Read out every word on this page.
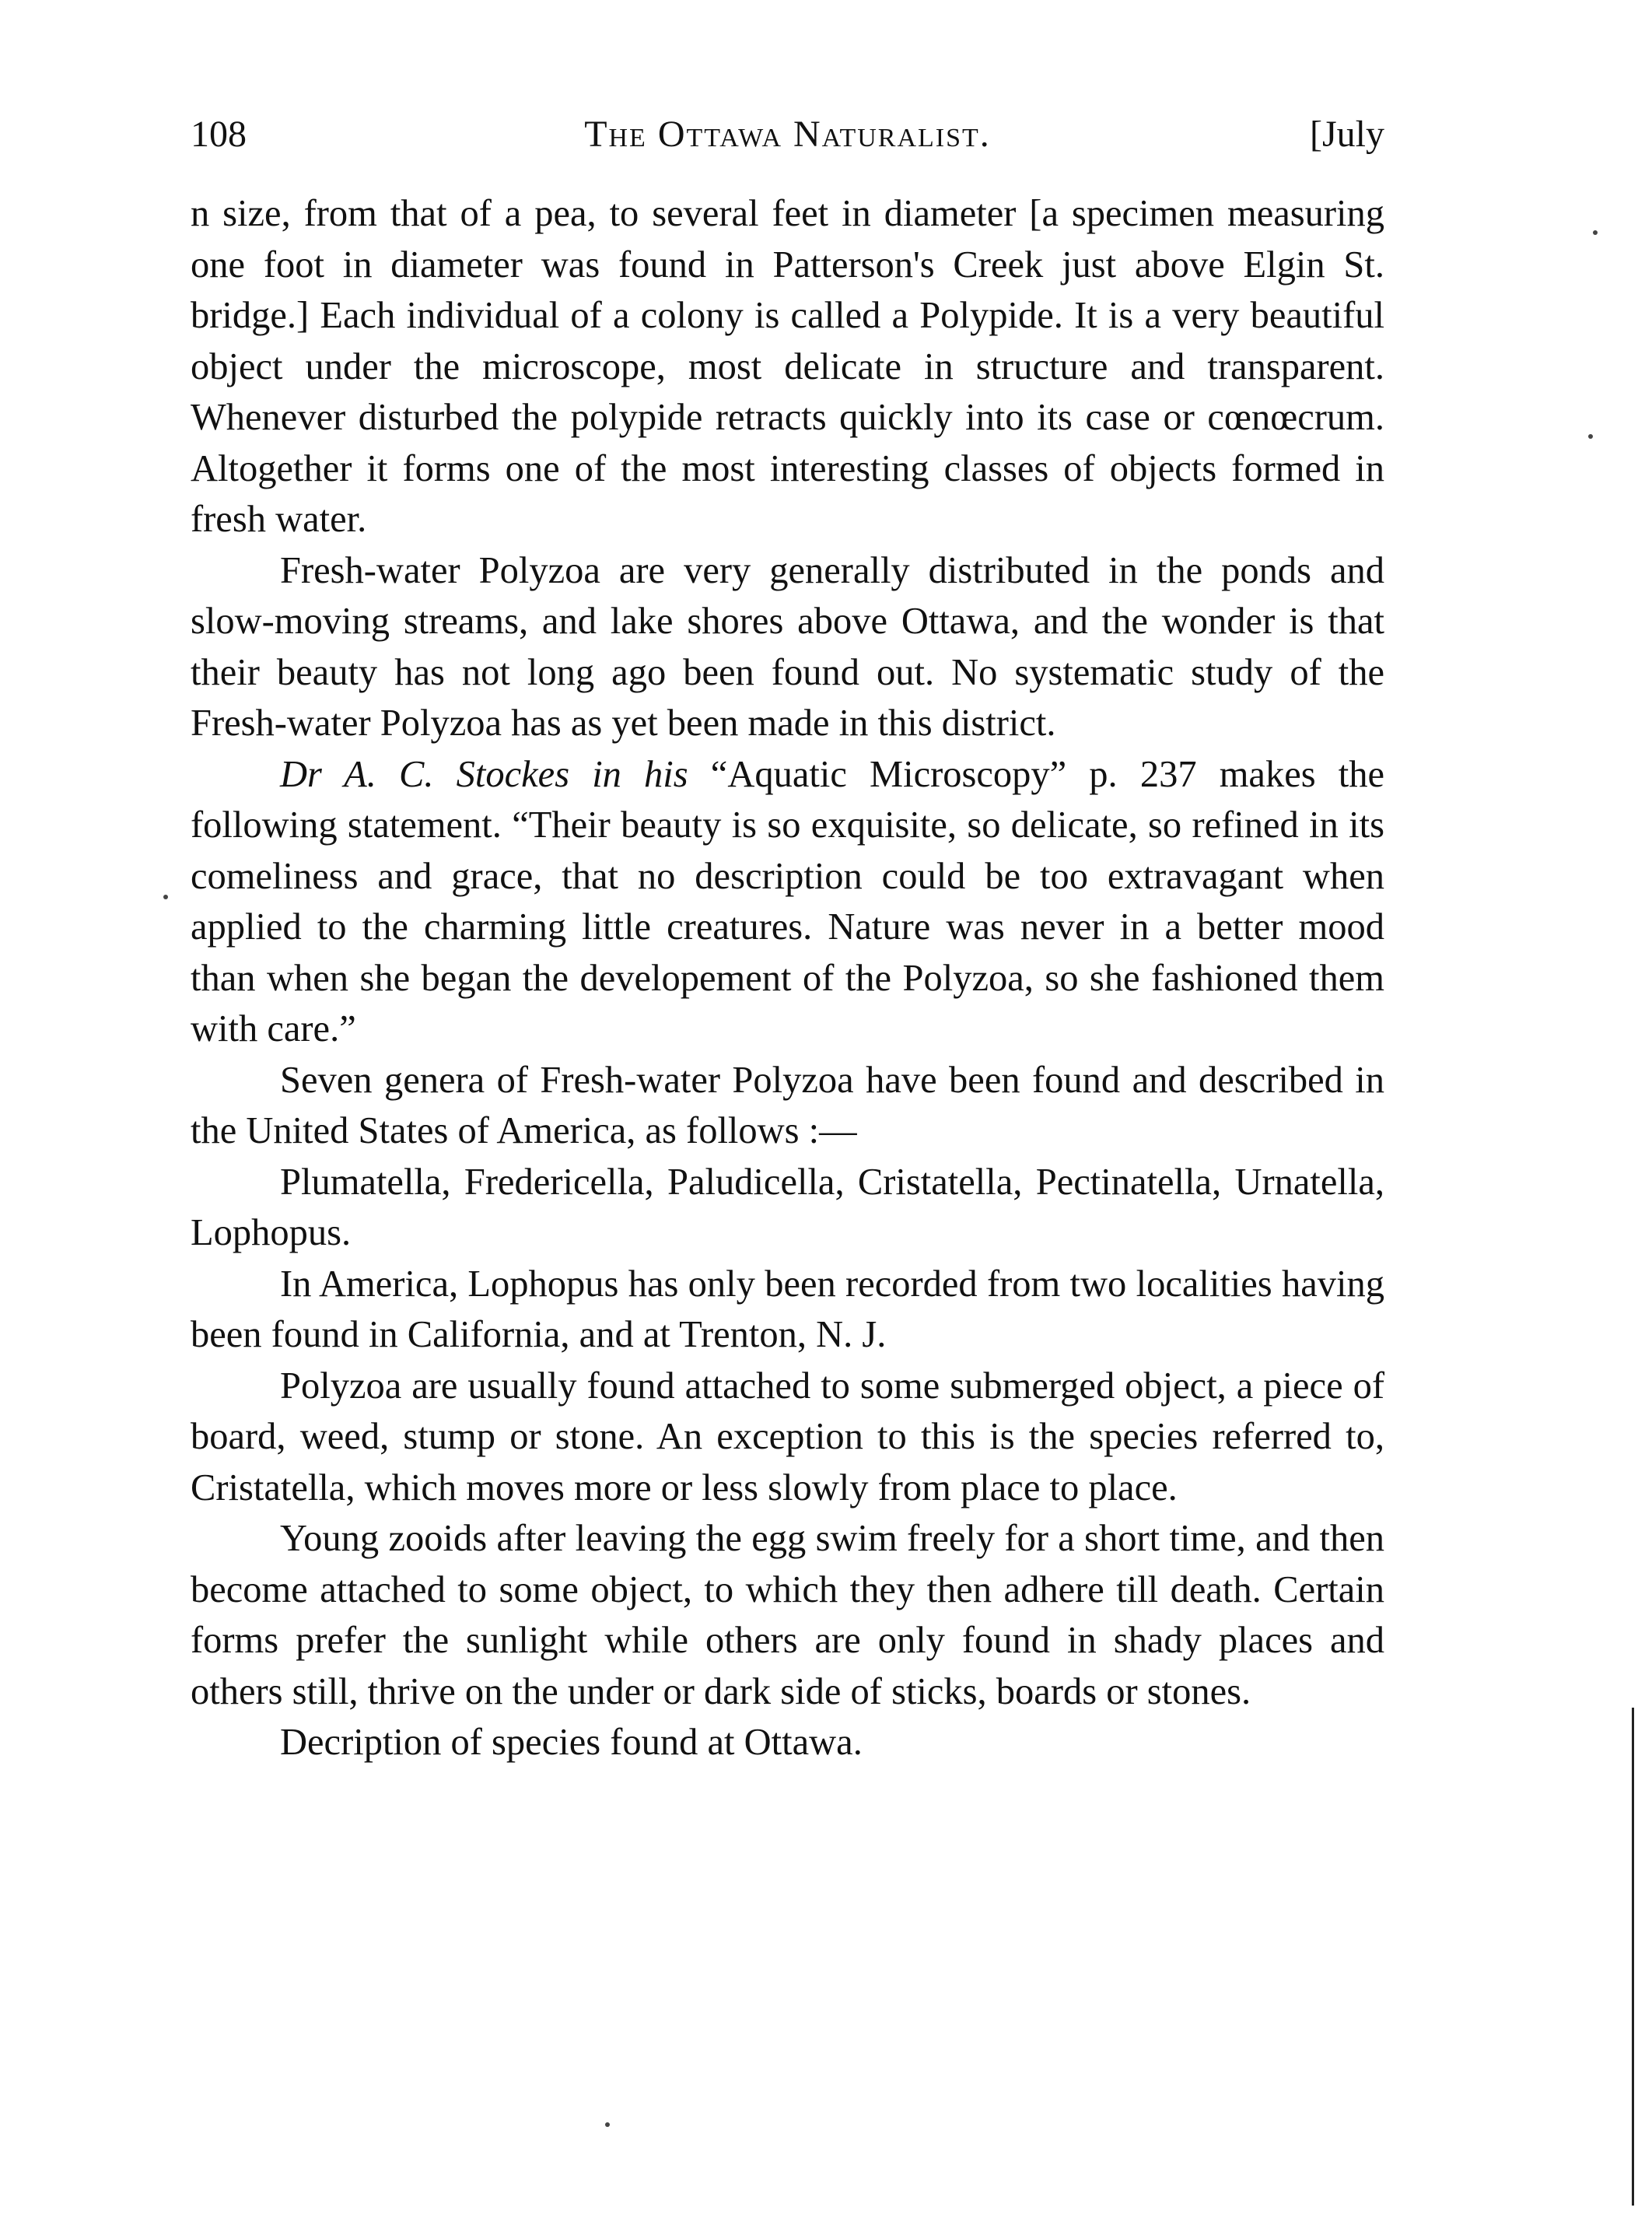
108	The Ottawa Naturalist.	[July

n size, from that of a pea, to several feet in diameter [a specimen measuring one foot in diameter was found in Patterson's Creek just above Elgin St. bridge.] Each individual of a colony is called a Polypide. It is a very beautiful object under the microscope, most delicate in structure and transparent. Whenever disturbed the polypide retracts quickly into its case or cœnœcrum. Altogether it forms one of the most interesting classes of objects formed in fresh water.

Fresh-water Polyzoa are very generally distributed in the ponds and slow-moving streams, and lake shores above Ottawa, and the wonder is that their beauty has not long ago been found out. No systematic study of the Fresh-water Polyzoa has as yet been made in this district.

Dr A. C. Stockes in his “Aquatic Microscopy” p. 237 makes the following statement. “Their beauty is so exquisite, so delicate, so refined in its comeliness and grace, that no description could be too extravagant when applied to the charming little creatures. Nature was never in a better mood than when she began the developement of the Polyzoa, so she fashioned them with care.”

Seven genera of Fresh-water Polyzoa have been found and described in the United States of America, as follows :—

Plumatella, Fredericella, Paludicella, Cristatella, Pectinatella, Urnatella, Lophopus.

In America, Lophopus has only been recorded from two localities having been found in California, and at Trenton, N. J.

Polyzoa are usually found attached to some submerged object, a piece of board, weed, stump or stone. An exception to this is the species referred to, Cristatella, which moves more or less slowly from place to place.

Young zooids after leaving the egg swim freely for a short time, and then become attached to some object, to which they then adhere till death. Certain forms prefer the sunlight while others are only found in shady places and others still, thrive on the under or dark side of sticks, boards or stones.

Decription of species found at Ottawa.
